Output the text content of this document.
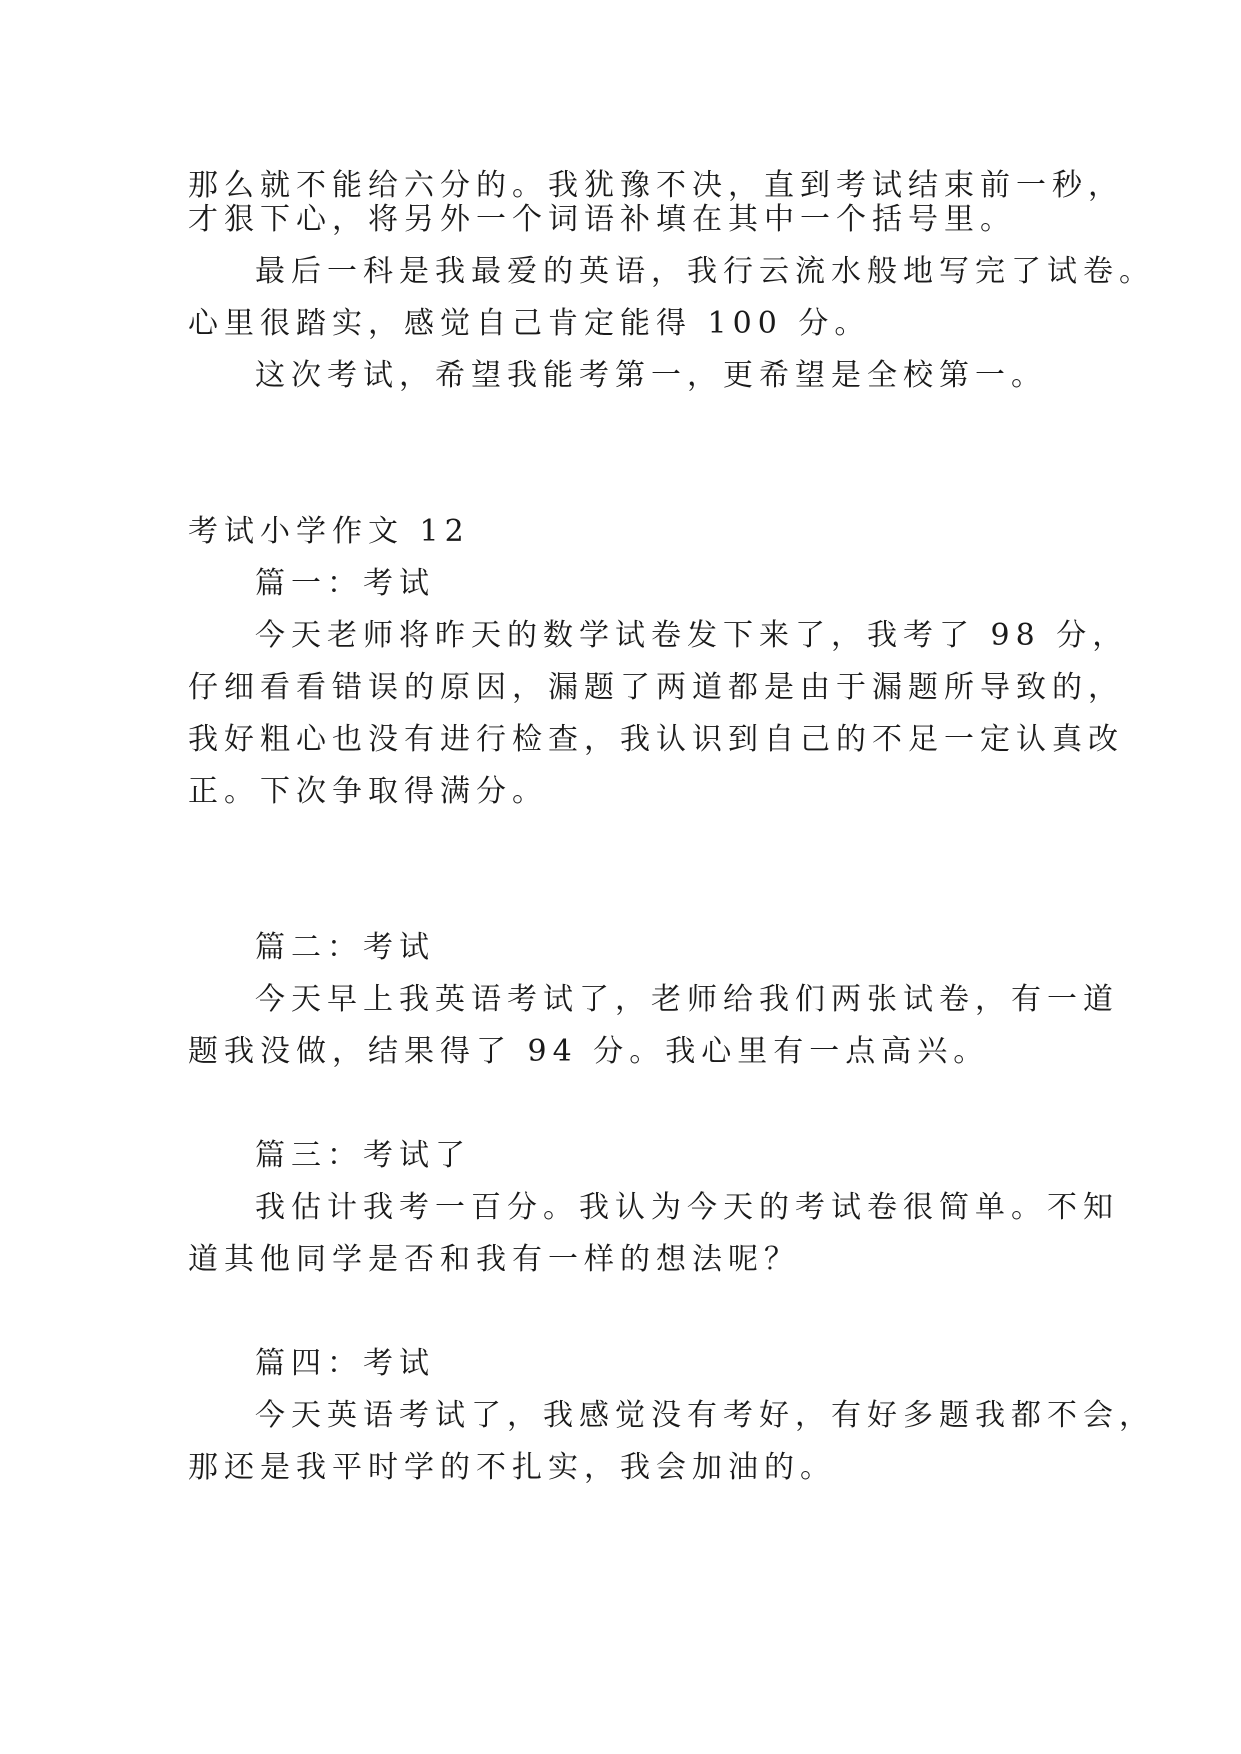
那么就不能给六分的。我犹豫不决，直到考试结束前一秒，
才狠下心，将另外一个词语补填在其中一个括号里。
最后一科是我最爱的英语，我行云流水般地写完了试卷。
心里很踏实，感觉自己肯定能得 100 分。
这次考试，希望我能考第一，更希望是全校第一。
考试小学作文 12
篇一：考试
今天老师将昨天的数学试卷发下来了，我考了 98 分，
仔细看看错误的原因，漏题了两道都是由于漏题所导致的，
我好粗心也没有进行检查，我认识到自己的不足一定认真改
正。下次争取得满分。
篇二：考试
今天早上我英语考试了，老师给我们两张试卷，有一道
题我没做，结果得了 94 分。我心里有一点高兴。
篇三：考试了
我估计我考一百分。我认为今天的考试卷很简单。不知
道其他同学是否和我有一样的想法呢？
篇四：考试
今天英语考试了，我感觉没有考好，有好多题我都不会，
那还是我平时学的不扎实，我会加油的。
